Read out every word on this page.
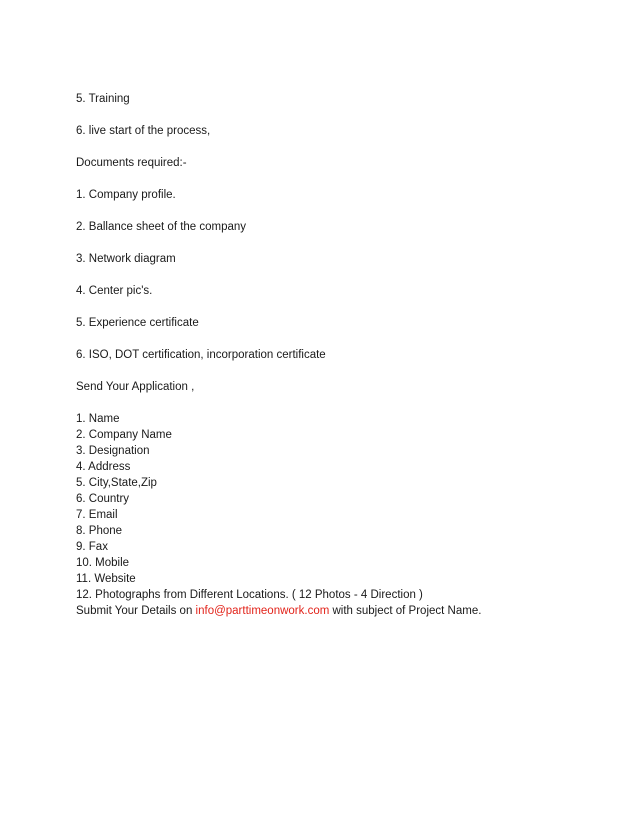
5. Training

6. live start of the process,

Documents required:-

1. Company profile.

2. Ballance sheet of the company

3. Network diagram

4. Center pic's.

5. Experience certificate

6. ISO, DOT certification, incorporation certificate

Send Your Application ,

1. Name
2. Company Name
3. Designation
4. Address
5. City,State,Zip
6. Country
7. Email
8. Phone
9. Fax
10. Mobile
11. Website
12. Photographs from Different Locations. ( 12 Photos - 4 Direction )

Submit Your Details on info@parttimeonwork.com with subject of Project Name.
